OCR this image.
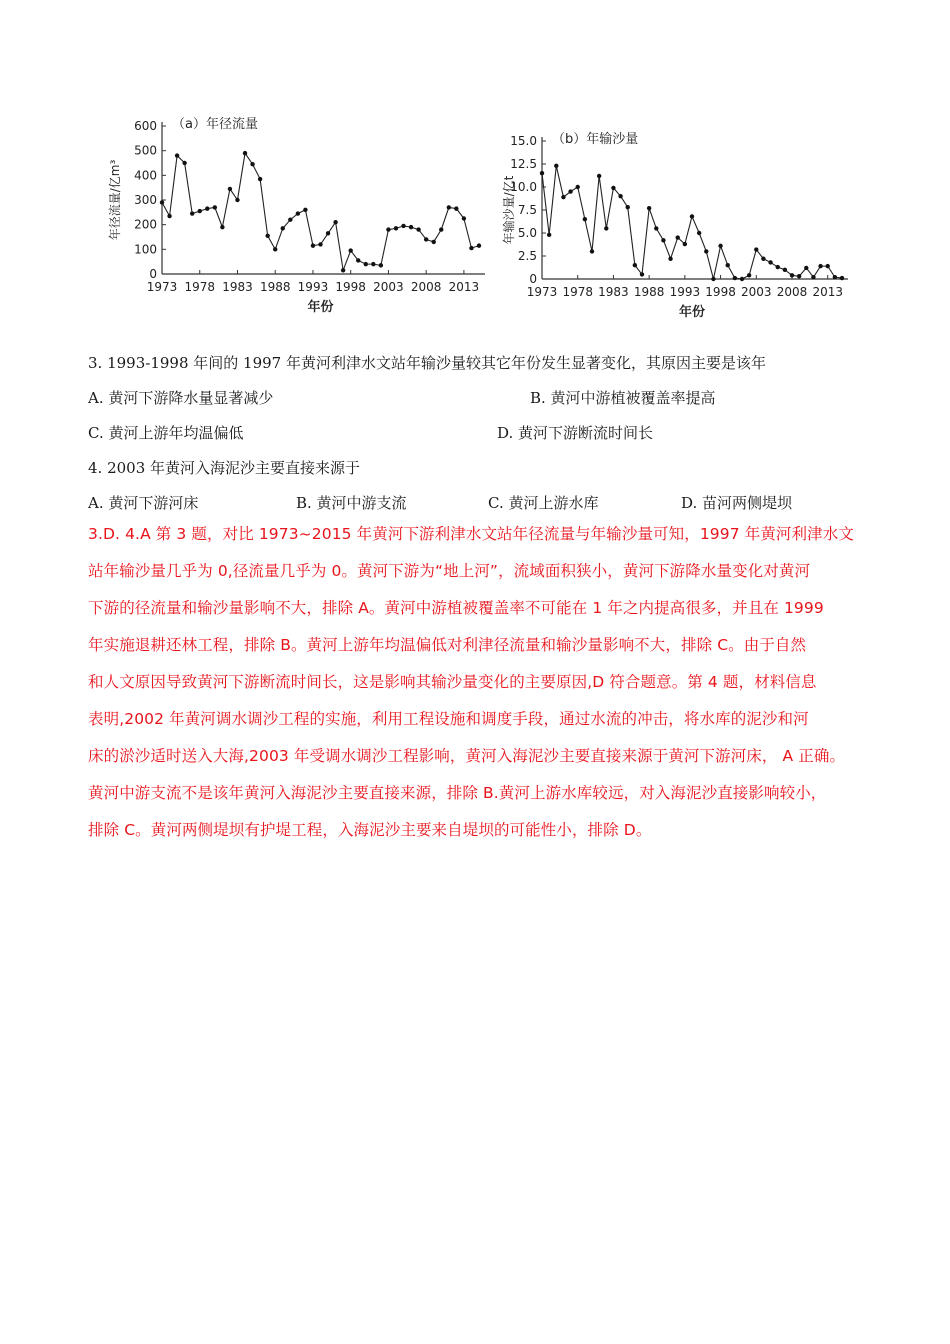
600
500
400
300
200
100
0
1973 1978 1983 1988 1993 1998 2003 2008 2013
（a）年径流量
年径流量/亿m³
年份
15.0
12.5
10.0
7.5
5.0
2.5
0
1973 1978 1983 1988 1993 1998 2003 2008 2013
（b）年输沙量
年输沙量/亿t
年份
3. 1993-1998 年间的 1997 年黄河利津水文站年输沙量较其它年份发生显著变化，其原因主要是该年
A. 黄河下游降水量显著减少	B. 黄河中游植被覆盖率提高
C. 黄河上游年均温偏低	D. 黄河下游断流时间长
4. 2003 年黄河入海泥沙主要直接来源于
A. 黄河下游河床	B. 黄河中游支流	C. 黄河上游水库	D. 苗河两侧堤坝

3.D. 4.A 第 3 题，对比 1973~2015 年黄河下游利津水文站年径流量与年输沙量可知，1997 年黄河利津水文

站年输沙量几乎为 0,径流量几乎为 0。黄河下游为“地上河”，流域面积狭小，黄河下游降水量变化对黄河

下游的径流量和输沙量影响不大，排除 A。黄河中游植被覆盖率不可能在 1 年之内提高很多，并且在 1999

年实施退耕还林工程，排除 B。黄河上游年均温偏低对利津径流量和输沙量影响不大，排除 C。由于自然

和人文原因导致黄河下游断流时间长，这是影响其输沙量变化的主要原因,D 符合题意。第 4 题，材料信息

表明,2002 年黄河调水调沙工程的实施，利用工程设施和调度手段，通过水流的冲击，将水库的泥沙和河

床的淤沙适时送入大海,2003 年受调水调沙工程影响，黄河入海泥沙主要直接来源于黄河下游河床， A 正确。

黄河中游支流不是该年黄河入海泥沙主要直接来源，排除 B.黄河上游水库较远，对入海泥沙直接影响较小，

排除 C。黄河两侧堤坝有护堤工程，入海泥沙主要来自堤坝的可能性小，排除 D。
